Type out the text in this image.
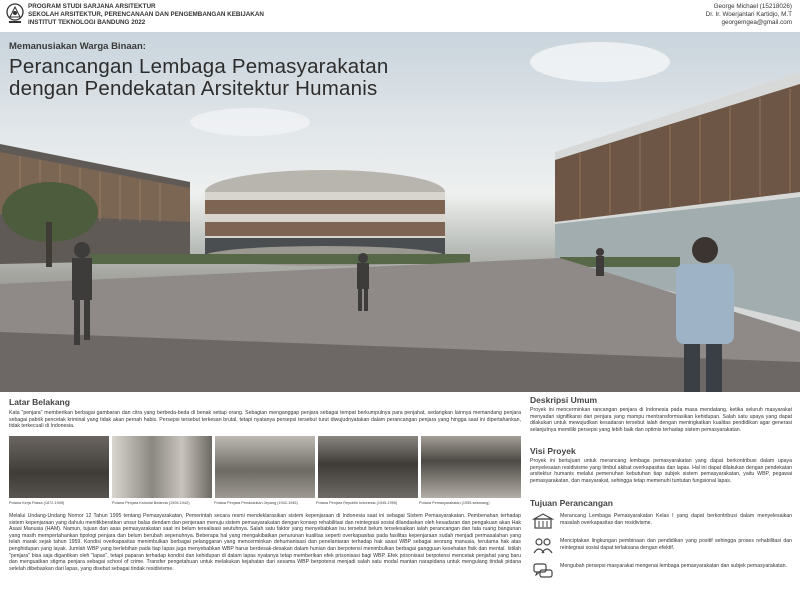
PROGRAM STUDI SARJANA ARSITEKTUR
SEKOLAH ARSITEKTUR, PERENCANAAN DAN PENGEMBANGAN KEBIJAKAN
INSTITUT TEKNOLOGI BANDUNG 2022
George Michael (15218026)
Dr. Ir. Woerjantari Kartidjo, M.T
georgemgea@gmail.com
Memanusiakan Warga Binaan:
Perancangan Lembaga Pemasyarakatan
dengan Pendekatan Arsitektur Humanis
Latar Belakang
Kata "penjara" memberikan berbagai gambaran dan citra yang berbeda-beda di benak setiap orang. Sebagian menganggap penjara sebagai tempat berkumpulnya para penjahat, sedangkan lainnya memandang penjara sebagai pabrik pencetak kriminal yang tidak akan pernah habis. Persepsi tersebut terkesan brutal, tetapi nyatanya persepsi tersebut turut diwujudnyatakan dalam perancangan penjara yang hingga saat ini dipertahankan, tidak terkecuali di Indonesia.
Potana Kerja Paksa (1872-1905)	Potana Penjara Kolonial Belanda (1905-1942)	Potana Penjara Pendudukan Jepang (1942-1945)	Potana Penjara Republik Indonesia (1945-1955)	Potana Pemasyarakatan (1955-sekarang)
Melalui Undang-Undang Nomor 12 Tahun 1995 tentang Pemasyarakatan, Pemerintah secara resmi mendeklarasikan sistem kepenjaraan di Indonesia saat ini sebagai Sistem Pemasyarakatan. Pembenahan terhadap sistem kepenjaraan yang dahulu menitikberatkan unsur balas dendam dan penjeraan menuju sistem pemasyarakatan dengan konsep rehabilitasi dan reintegrasi sosial dilandaskan oleh kesadaran dan pengakuan akan Hak Asasi Manusia (HAM). Namun, tujuan dan asas pemasyarakatan saat ini belum terealisasi seutuhnya. Salah satu faktor yang menyebabkan isu tersebut belum terselesaikan ialah perancangan dan tata ruang bangunan yang masih mempertahankan tipologi penjara dan belum berubah sepenuhnya. Beberapa hal yang mengakibatkan penurunan kualitas seperti overkapasitas pada fasilitas kepenjaraan sudah menjadi permasalahan yang telah marak sejak tahun 1959. Kondisi overkapasitas menimbulkan berbagai pelanggaran yang mencerminkan dehumanisasi dan penelantaran terhadap hak asasi WBP sebagai seorang manusia, terutama hak atas penghidupan yang layak. Jumlah WBP yang berlebihan pada tiap lapas juga menyebabkan WBP harus berdesak-desakan dalam hunian dan berpotensi menimbulkan berbagai gangguan kesehatan fisik dan mental. Istilah "penjara" bisa saja digantikan oleh "lapas", tetapi paparan terhadap kondisi dan kehidupan di dalam lapas nyatanya tetap memberikan efek prisonisasi bagi WBP. Efek prisonisasi berpotensi mencetak penjahat yang baru dan menguatkan stigma penjara sebagai school of crime. Transfer pengetahuan untuk melakukan kejahatan dari sesama WBP berpotensi menjadi salah satu modal mantan narapidana untuk mengulang tindak pidana setelah dibebaskan dari lapas, yang disebut sebagai tindak residivisme.
Deskripsi Umum
Proyek ini mencerminkan rancangan penjara di Indonesia pada masa mendatang, ketika seluruh masyarakat menyadari signifikansi dari penjara yang mampu mentransformasikan kehidupan. Salah satu upaya yang dapat dilakukan untuk mewujudkan kesadaran tersebut ialah dengan meningkatkan kualitas pendidikan agar generasi selanjutnya memiliki persepsi yang lebih baik dan optimis terhadap sistem pemasyarakatan.
Visi Proyek
Proyek ini bertujuan untuk merancang lembaga pemasyarakatan yang dapat berkontribusi dalam upaya penyelesaian residivisme yang timbul akibat overkapasitas dan lapas. Hal ini dapat dilakukan dengan pendekatan arsitektur humanis melalui pemenuhan kebutuhan tiap subjek sistem pemasyarakatan, yaitu WBP, pegawai pemasyarakatan, dan masyarakat, sehingga tetap memenuhi tuntutan fungsional lapas.
Tujuan Perancangan
Merancang Lembaga Pemasyarakatan Kelas I yang dapat berkontribusi dalam menyelesaikan masalah overkapasitas dan residivisme.
Menciptakan lingkungan pembinaan dan pendidikan yang positif sehingga proses rehabilitasi dan reintegrasi sosial dapat terlaksana dengan efektif.
Mengubah persepsi masyarakat mengenai lembaga pemasyarakatan dan subjek pemasyarakatan.
